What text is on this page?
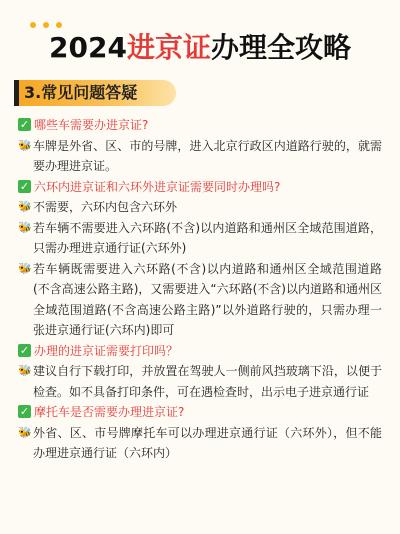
2024进京证办理全攻略
3.常见问题答疑
✓ 哪些车需要办进京证?
🐝 车牌是外省、区、市的号牌，进入北京行政区内道路行驶的，就需要办理进京证。
✓ 六环内进京证和六环外进京证需要同时办理吗?
🐝 不需要，六环内包含六环外
🐝 若车辆不需要进入六环路(不含)以内道路和通州区全域范围道路，只需办理进京通行证(六环外)
🐝 若车辆既需要进入六环路(不含)以内道路和通州区全域范围道路(不含高速公路主路)，又需要进入“六环路(不含)以内道路和通州区全域范围道路(不含高速公路主路)”以外道路行驶的，只需办理一张进京通行证(六环内)即可
✓ 办理的进京证需要打印吗？
🐝 建议自行下载打印，并放置在驾驶人一侧前风挡玻璃下沿，以便于检查。如不具备打印条件，可在遇检查时，出示电子进京通行证
✓ 摩托车是否需要办理进京证?
🐝 外省、区、市号牌摩托车可以办理进京通行证（六环外），但不能办理进京通行证（六环内）
